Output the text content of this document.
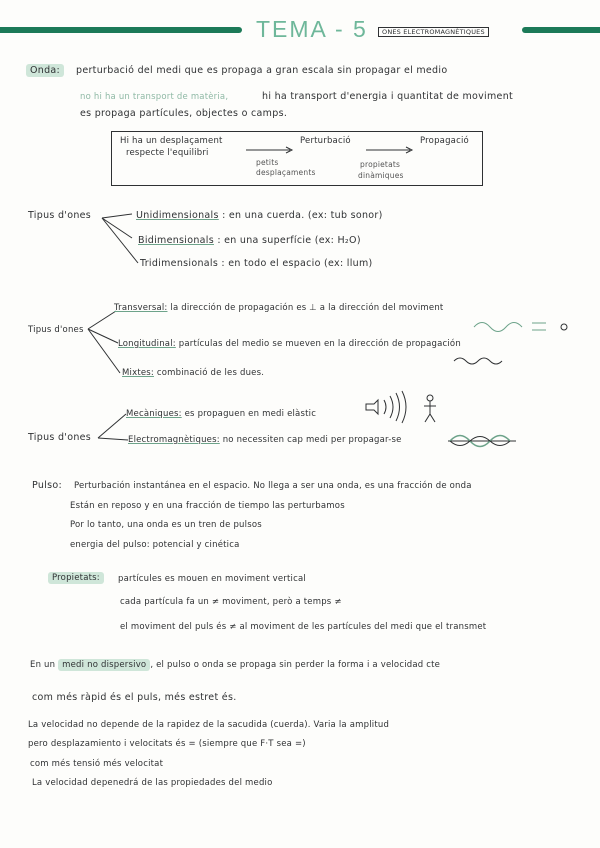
TEMA - 5	ONES ELECTROMAGNÈTIQUES
Onda:	perturbació del medi que es propaga a gran escala sin propagar el medio
no hi ha un transport de matèria,	hi ha transport d'energia i quantitat de moviment
es propaga partícules, objectes o camps.
Hi ha un desplaçament
respecte l'equilibri
Perturbació	Propagació
petits
desplaçaments
propietats
dinàmiques
Tipus d'ones	Unidimensionals : en una cuerda. (ex: tub sonor)
Bidimensionals : en una superfície (ex: H₂O)
Tridimensionals : en todo el espacio (ex: llum)
Tipus d'ones
Transversal: la dirección de propagación es ⊥ a la dirección del moviment
Longitudinal: partículas del medio se mueven en la dirección de propagación
Mixtes: combinació de les dues.
Tipus d'ones
Mecàniques: es propaguen en medi elàstic
Electromagnètiques: no necessiten cap medi per propagar-se
Pulso: Perturbación instantánea en el espacio. No llega a ser una onda, es una fracción de onda
Están en reposo y en una fracción de tiempo las perturbamos
Por lo tanto, una onda es un tren de pulsos
energia del pulso: potencial y cinética
Propietats:	partícules es mouen en moviment vertical
cada partícula fa un ≠ moviment, però a temps ≠
el moviment del puls és ≠ al moviment de les partícules del medi que el transmet
En un medi no dispersivo , el pulso o onda se propaga sin perder la forma i a velocidad cte
com més ràpid és el puls, més estret és.
La velocidad no depende de la rapidez de la sacudida (cuerda). Varia la amplitud
pero desplazamiento i velocitats és = (siempre que F·T sea =)
com més tensió més velocitat
La velocidad depenedrá de las propiedades del medio
